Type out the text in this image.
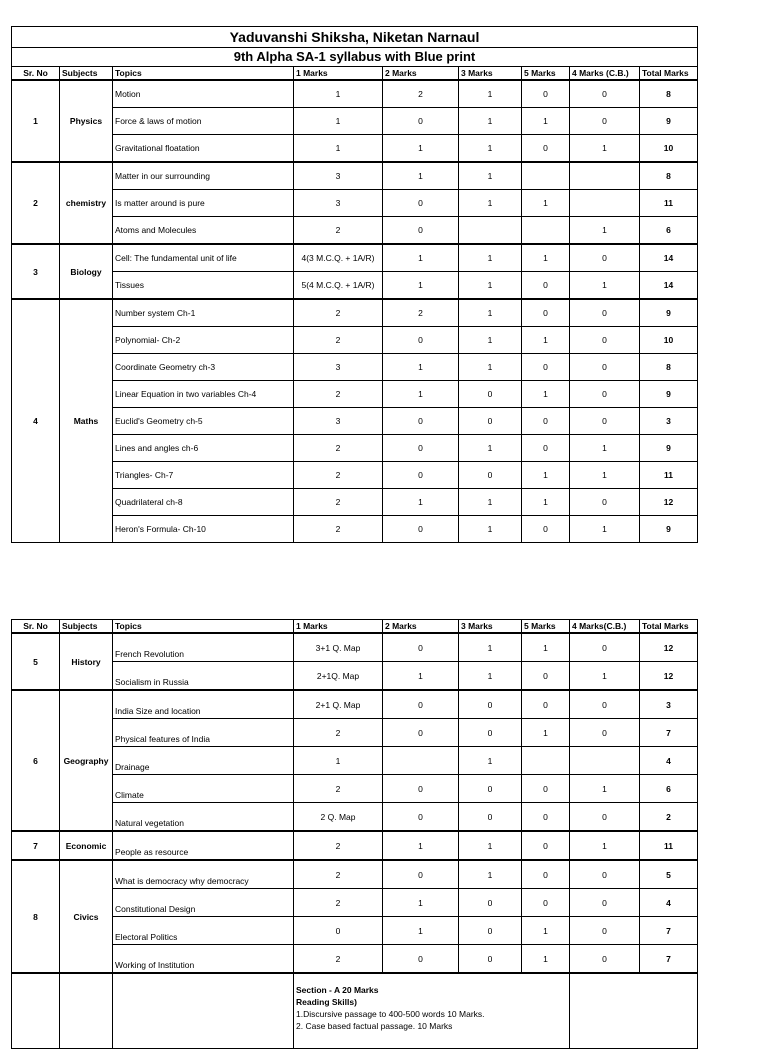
Yaduvanshi Shiksha, Niketan Narnaul								
9th Alpha SA-1 syllabus with Blue print								
Sr. No	Subjects	Topics	1 Marks	2 Marks	3 Marks	5 Marks	4 Marks (C.B.)	Total Marks
1	Physics	Motion	1	2	1	0	0	8
		Force & laws of motion	1	0	1	1	0	9
		Gravitational floatation	1	1	1	0	1	10
2	chemistry	Matter in our surrounding	3	1	1			8
		Is matter around is pure	3	0	1	1		11
		Atoms and Molecules	2	0			1	6
3	Biology	Cell: The fundamental unit of life	4(3 M.C.Q. + 1A/R)	1	1	1	0	14
		Tissues	5(4 M.C.Q. + 1A/R)	1	1	0	1	14
4	Maths	Number system Ch-1	2	2	1	0	0	9
		Polynomial- Ch-2	2	0	1	1	0	10
		Coordinate Geometry ch-3	3	1	1	0	0	8
		Linear Equation in two variables Ch-4	2	1	0	1	0	9
		Euclid's Geometry ch-5	3	0	0	0	0	3
		Lines and angles ch-6	2	0	1	0	1	9
		Triangles- Ch-7	2	0	0	1	1	11
		Quadrilateral ch-8	2	1	1	1	0	12
		Heron's Formula- Ch-10	2	0	1	0	1	9
Sr. No	Subjects	Topics	1 Marks	2 Marks	3 Marks	5 Marks	4 Marks(C.B.)	Total Marks
5	History	French Revolution	3+1 Q. Map	0	1	1	0	12
		Socialism in Russia	2+1Q. Map	1	1	0	1	12
6	Geography	India Size and location	2+1 Q. Map	0	0	0	0	3
		Physical features of India	2	0	0	1	0	7
		Drainage	1		1			4
		Climate	2	0	0	0	1	6
		Natural vegetation	2 Q. Map	0	0	0	0	2
7	Economic	People as resource	2	1	1	0	1	11
8	Civics	What is democracy why democracy	2	0	1	0	0	5
		Constitutional Design	2	1	0	0	0	4
		Electoral Politics	0	1	0	1	0	7
		Working of Institution	2	0	0	1	0	7

			Section - A 20 Marks
Reading Skills)
1.Discursive passage to 400-500 words 10 Marks.
2. Case based factual passage. 10 Marks					
